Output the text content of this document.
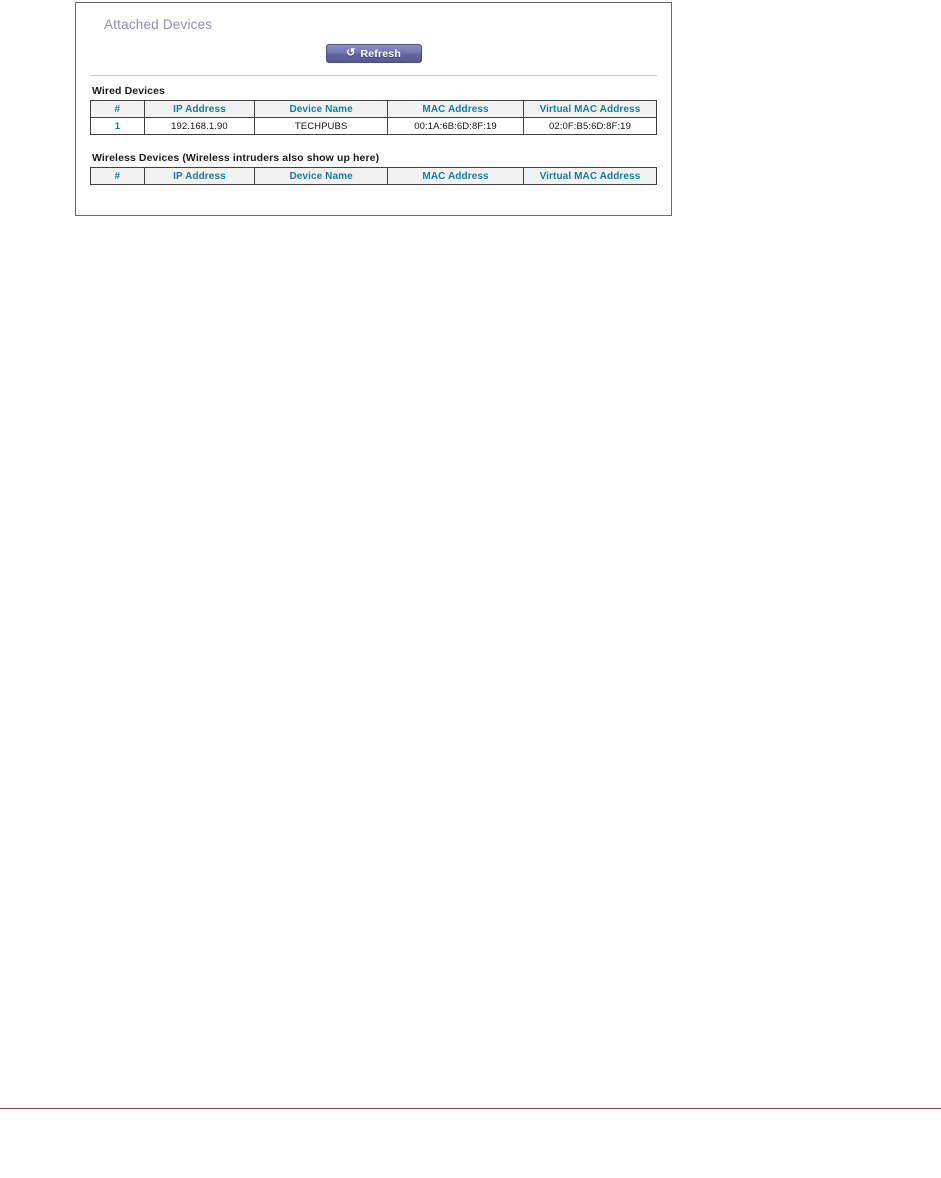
Attached Devices
↻ Refresh
Wired Devices
#	IP Address	Device Name	MAC Address	Virtual MAC Address
1	192.168.1.90	TECHPUBS	00:1A:6B:6D:8F:19	02:0F:B5:6D:8F:19
Wireless Devices (Wireless intruders also show up here)
#	IP Address	Device Name	MAC Address	Virtual MAC Address
